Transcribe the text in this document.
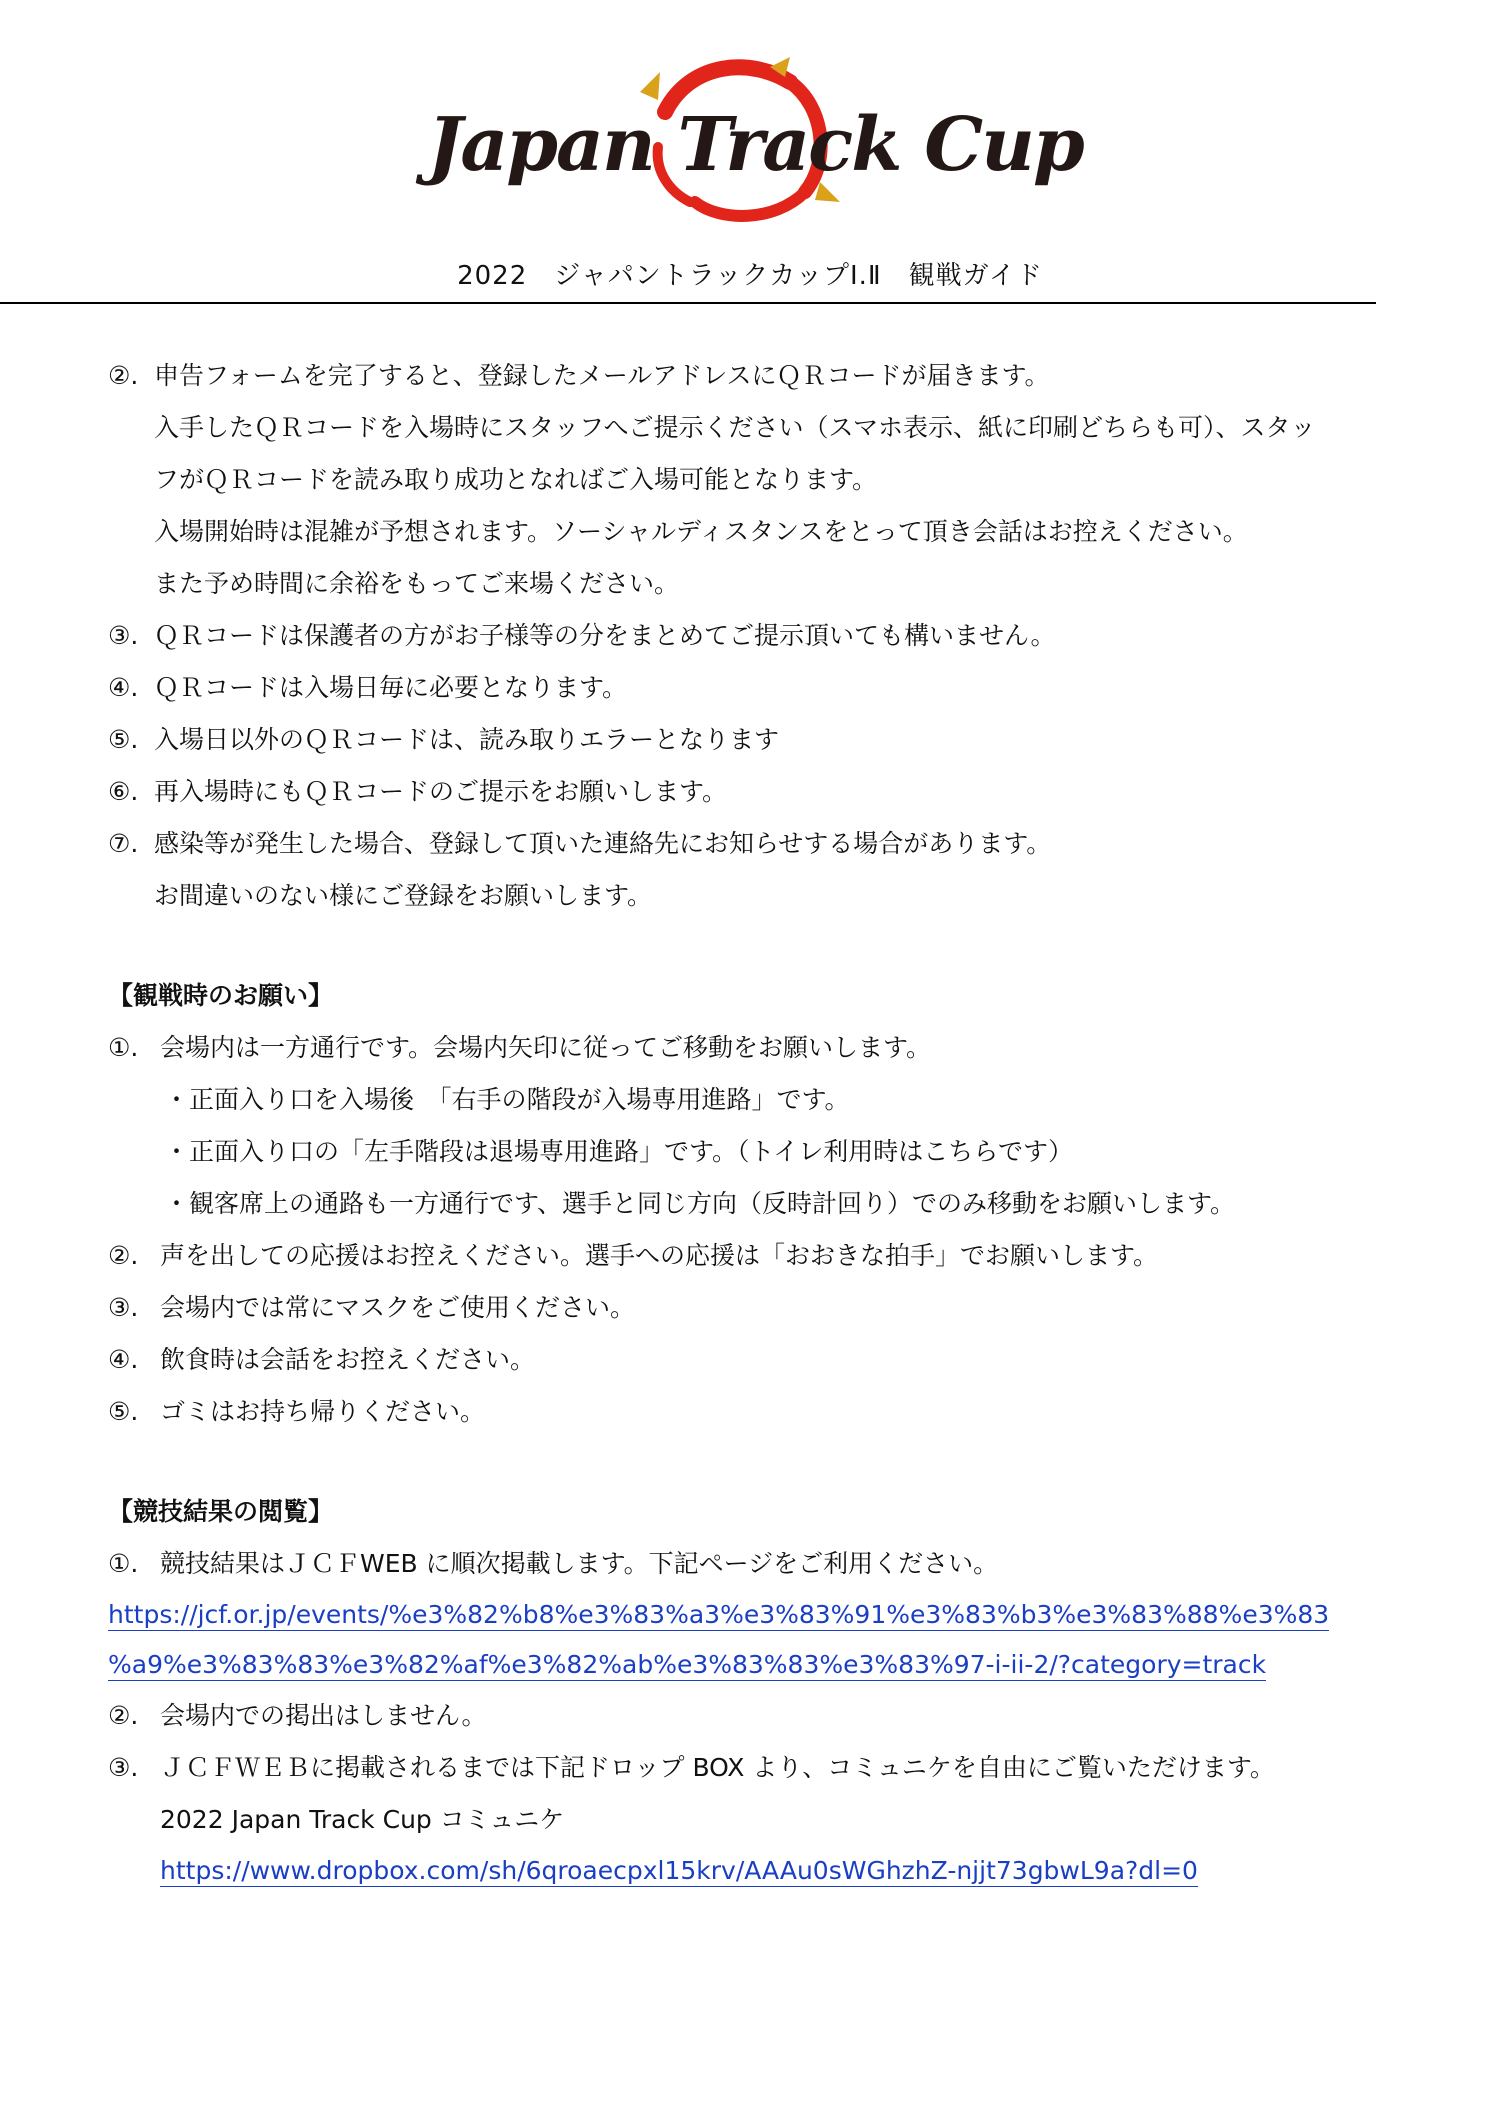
Japan Track Cup
2022　ジャパントラックカップⅠ.Ⅱ　観戦ガイド
②. 申告フォームを完了すると、登録したメールアドレスにＱＲコードが届きます。
入手したＱＲコードを入場時にスタッフへご提示ください（スマホ表示、紙に印刷どちらも可）、スタッ
フがＱＲコードを読み取り成功となればご入場可能となります。
入場開始時は混雑が予想されます。ソーシャルディスタンスをとって頂き会話はお控えください。
また予め時間に余裕をもってご来場ください。
③. ＱＲコードは保護者の方がお子様等の分をまとめてご提示頂いても構いません。
④. ＱＲコードは入場日毎に必要となります。
⑤. 入場日以外のＱＲコードは、読み取りエラーとなります
⑥. 再入場時にもＱＲコードのご提示をお願いします。
⑦. 感染等が発生した場合、登録して頂いた連絡先にお知らせする場合があります。
お間違いのない様にご登録をお願いします。
【観戦時のお願い】
①. 会場内は一方通行です。会場内矢印に従ってご移動をお願いします。
・正面入り口を入場後　「右手の階段が入場専用進路」です。
・正面入り口の「左手階段は退場専用進路」です。（トイレ利用時はこちらです）
・観客席上の通路も一方通行です、選手と同じ方向（反時計回り）でのみ移動をお願いします。
②. 声を出しての応援はお控えください。選手への応援は「おおきな拍手」でお願いします。
③. 会場内では常にマスクをご使用ください。
④. 飲食時は会話をお控えください。
⑤. ゴミはお持ち帰りください。
【競技結果の閲覧】
①. 競技結果はＪＣＦWEB に順次掲載します。下記ページをご利用ください。
https://jcf.or.jp/events/%e3%82%b8%e3%83%a3%e3%83%91%e3%83%b3%e3%83%88%e3%83
%a9%e3%83%83%e3%82%af%e3%82%ab%e3%83%83%e3%83%97-i-ii-2/?category=track
②. 会場内での掲出はしません。
③. ＪＣＦＷＥＢに掲載されるまでは下記ドロップ BOX より、コミュニケを自由にご覧いただけます。
2022 Japan Track Cup コミュニケ
https://www.dropbox.com/sh/6qroaecpxl15krv/AAAu0sWGhzhZ-njjt73gbwL9a?dl=0
